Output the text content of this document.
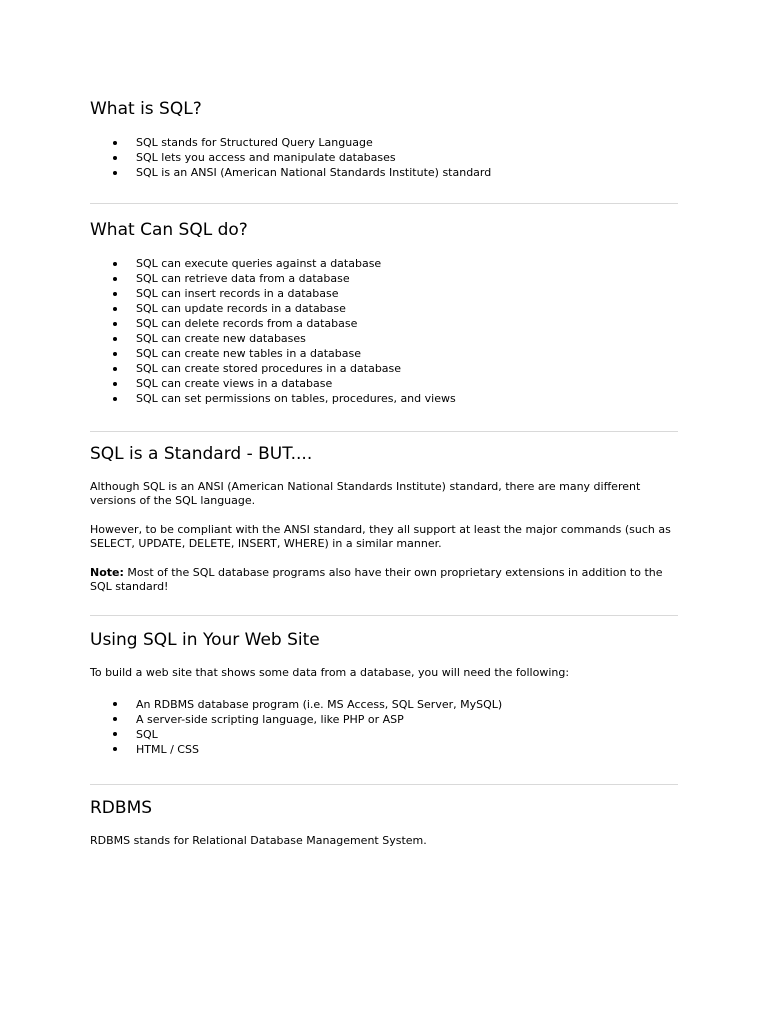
What is SQL?
SQL stands for Structured Query Language
SQL lets you access and manipulate databases
SQL is an ANSI (American National Standards Institute) standard
What Can SQL do?
SQL can execute queries against a database
SQL can retrieve data from a database
SQL can insert records in a database
SQL can update records in a database
SQL can delete records from a database
SQL can create new databases
SQL can create new tables in a database
SQL can create stored procedures in a database
SQL can create views in a database
SQL can set permissions on tables, procedures, and views
SQL is a Standard - BUT....

Although SQL is an ANSI (American National Standards Institute) standard, there are many different versions of the SQL language.

However, to be compliant with the ANSI standard, they all support at least the major commands (such as SELECT, UPDATE, DELETE, INSERT, WHERE) in a similar manner.

Note: Most of the SQL database programs also have their own proprietary extensions in addition to the SQL standard!

Using SQL in Your Web Site

To build a web site that shows some data from a database, you will need the following:

An RDBMS database program (i.e. MS Access, SQL Server, MySQL)
A server-side scripting language, like PHP or ASP
SQL
HTML / CSS
RDBMS

RDBMS stands for Relational Database Management System.
